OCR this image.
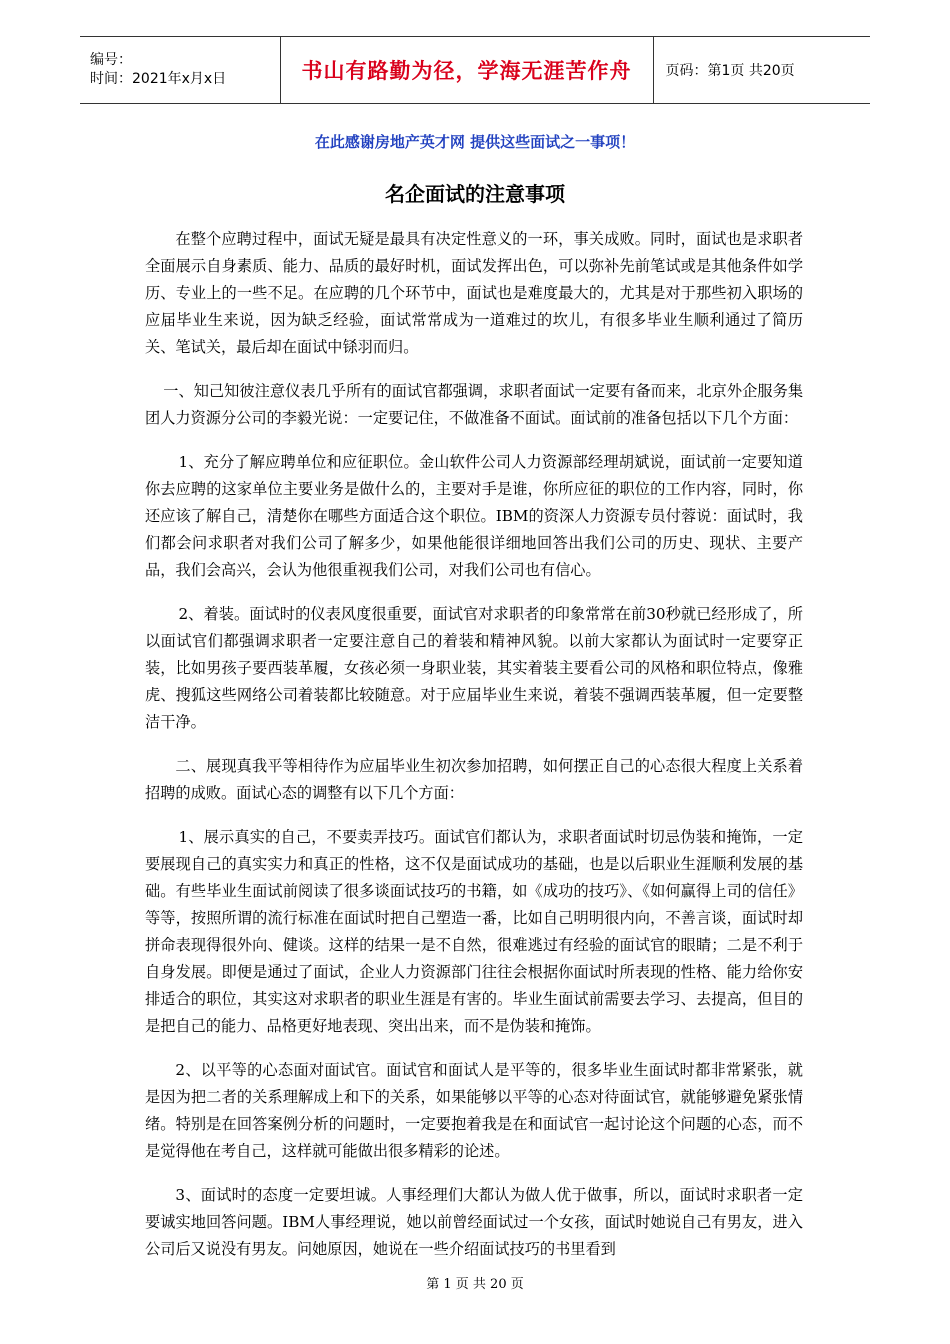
编号：
时间：2021年x月x日	书山有路勤为径，学海无涯苦作舟	页码：第1页 共20页
在此感谢房地产英才网 提供这些面试之一事项！
名企面试的注意事项

在整个应聘过程中，面试无疑是最具有决定性意义的一环，事关成败。同时，面试也是求职者全面展示自身素质、能力、品质的最好时机，面试发挥出色，可以弥补先前笔试或是其他条件如学历、专业上的一些不足。在应聘的几个环节中，面试也是难度最大的，尤其是对于那些初入职场的应届毕业生来说，因为缺乏经验，面试常常成为一道难过的坎儿，有很多毕业生顺利通过了简历关、笔试关，最后却在面试中铩羽而归。

一、知己知彼注意仪表几乎所有的面试官都强调，求职者面试一定要有备而来，北京外企服务集团人力资源分公司的李毅光说：一定要记住，不做准备不面试。面试前的准备包括以下几个方面：

1、充分了解应聘单位和应征职位。金山软件公司人力资源部经理胡斌说，面试前一定要知道你去应聘的这家单位主要业务是做什么的，主要对手是谁，你所应征的职位的工作内容，同时，你还应该了解自己，清楚你在哪些方面适合这个职位。IBM的资深人力资源专员付蓉说：面试时，我们都会问求职者对我们公司了解多少，如果他能很详细地回答出我们公司的历史、现状、主要产品，我们会高兴，会认为他很重视我们公司，对我们公司也有信心。

2、着装。面试时的仪表风度很重要，面试官对求职者的印象常常在前30秒就已经形成了，所以面试官们都强调求职者一定要注意自己的着装和精神风貌。以前大家都认为面试时一定要穿正装，比如男孩子要西装革履，女孩必须一身职业装，其实着装主要看公司的风格和职位特点，像雅虎、搜狐这些网络公司着装都比较随意。对于应届毕业生来说，着装不强调西装革履，但一定要整洁干净。

二、展现真我平等相待作为应届毕业生初次参加招聘，如何摆正自己的心态很大程度上关系着招聘的成败。面试心态的调整有以下几个方面：

1、展示真实的自己，不要卖弄技巧。面试官们都认为，求职者面试时切忌伪装和掩饰，一定要展现自己的真实实力和真正的性格，这不仅是面试成功的基础，也是以后职业生涯顺利发展的基础。有些毕业生面试前阅读了很多谈面试技巧的书籍，如《成功的技巧》、《如何赢得上司的信任》等等，按照所谓的流行标准在面试时把自己塑造一番，比如自己明明很内向，不善言谈，面试时却拼命表现得很外向、健谈。这样的结果一是不自然，很难逃过有经验的面试官的眼睛；二是不利于自身发展。即便是通过了面试，企业人力资源部门往往会根据你面试时所表现的性格、能力给你安排适合的职位，其实这对求职者的职业生涯是有害的。毕业生面试前需要去学习、去提高，但目的是把自己的能力、品格更好地表现、突出出来，而不是伪装和掩饰。

2、以平等的心态面对面试官。面试官和面试人是平等的，很多毕业生面试时都非常紧张，就是因为把二者的关系理解成上和下的关系，如果能够以平等的心态对待面试官，就能够避免紧张情绪。特别是在回答案例分析的问题时，一定要抱着我是在和面试官一起讨论这个问题的心态，而不是觉得他在考自己，这样就可能做出很多精彩的论述。

3、面试时的态度一定要坦诚。人事经理们大都认为做人优于做事，所以，面试时求职者一定要诚实地回答问题。IBM人事经理说，她以前曾经面试过一个女孩，面试时她说自己有男友，进入公司后又说没有男友。问她原因，她说在一些介绍面试技巧的书里看到

第 1 页 共 20 页
